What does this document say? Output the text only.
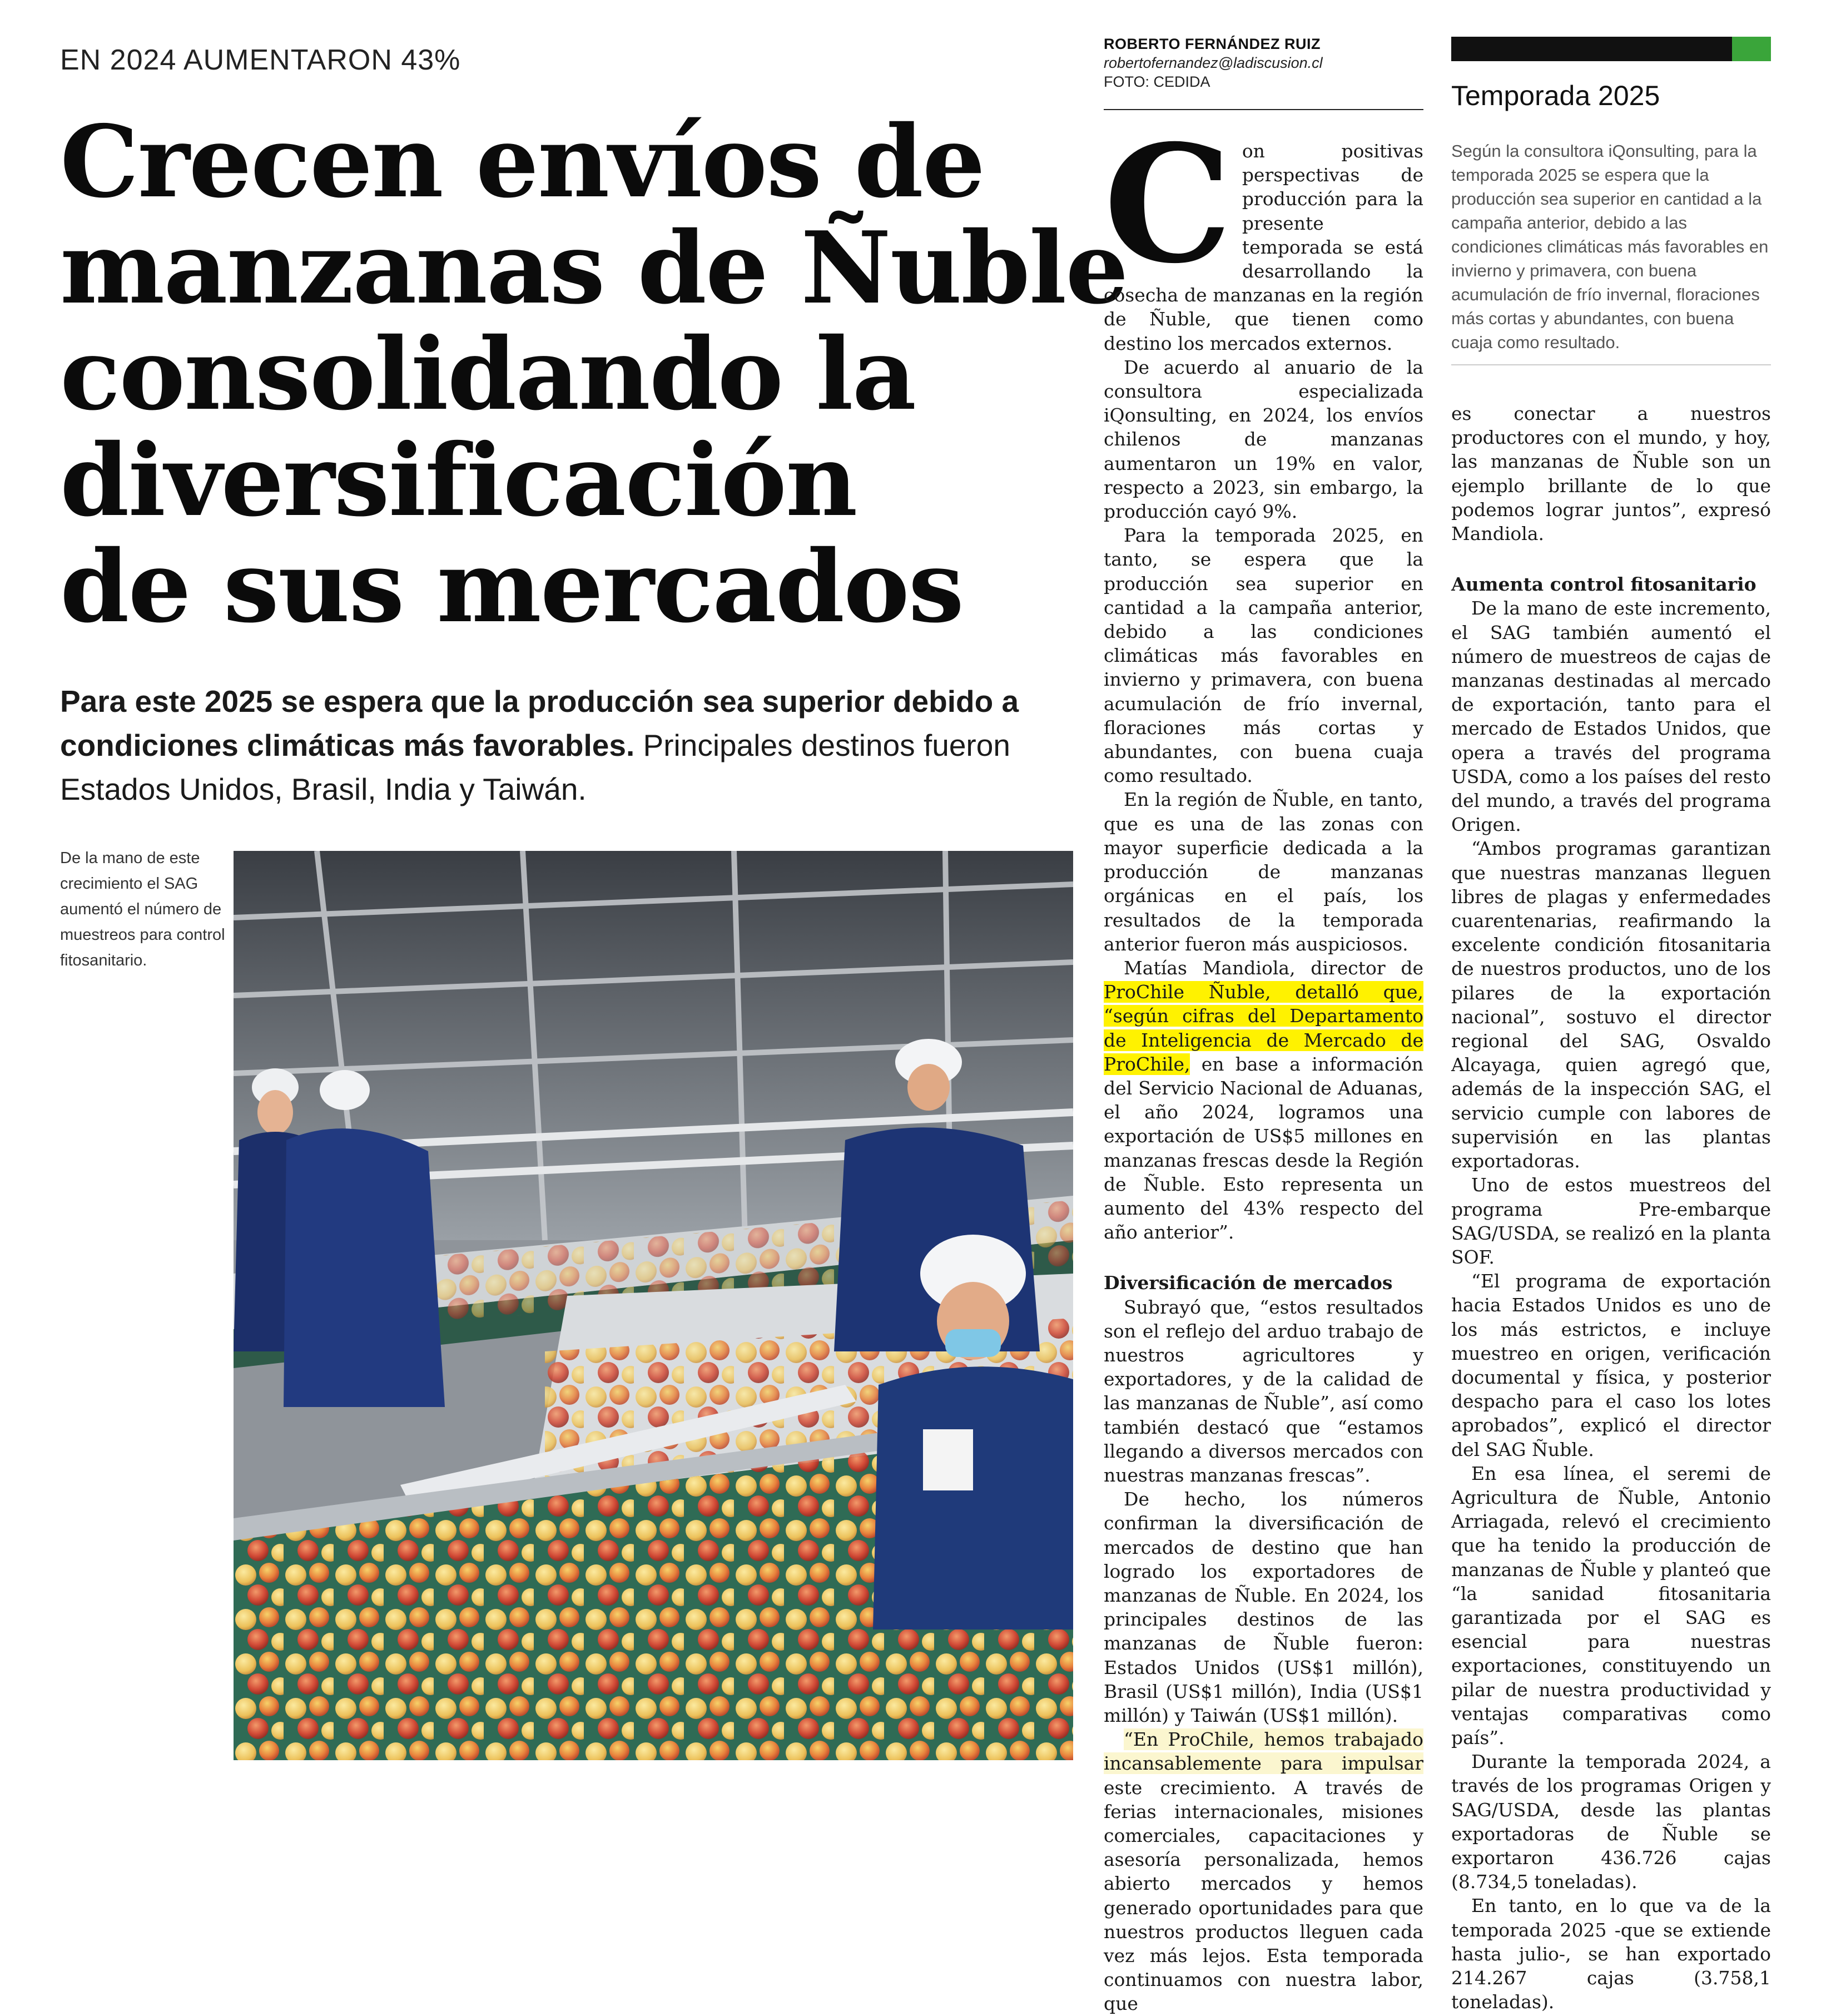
EN 2024 AUMENTARON 43%
Crecen envíos de
manzanas de Ñuble
consolidando la
diversificación
de sus mercados
Para este 2025 se espera que la producción sea superior debido a condiciones climáticas más favorables. Principales destinos fueron Estados Unidos, Brasil, India y Taiwán.
De la mano de este crecimiento el SAG aumentó el número de muestreos para control fitosanitario.
ROBERTO FERNÁNDEZ RUIZ
robertofernandez@ladiscusion.cl
FOTO: CEDIDA

Con positivas perspectivas de producción para la presente temporada se está desarrollando la cosecha de manzanas en la región de Ñuble, que tienen como destino los mercados externos.

De acuerdo al anuario de la consultora especializada iQonsulting, en 2024, los envíos chilenos de manzanas aumentaron un 19% en valor, respecto a 2023, sin embargo, la producción cayó 9%.

Para la temporada 2025, en tanto, se espera que la producción sea superior en cantidad a la campaña anterior, debido a las condiciones climáticas más favorables en invierno y primavera, con buena acumulación de frío invernal, floraciones más cortas y abundantes, con buena cuaja como resultado.

En la región de Ñuble, en tanto, que es una de las zonas con mayor superficie dedicada a la producción de manzanas orgánicas en el país, los resultados de la temporada anterior fueron más auspiciosos.

Matías Mandiola, director de ProChile Ñuble, detalló que, “según cifras del Departamento de Inteligencia de Mercado de ProChile, en base a información del Servicio Nacional de Aduanas, el año 2024, logramos una exportación de US$5 millones en manzanas frescas desde la Región de Ñuble. Esto representa un aumento del 43% respecto del año anterior”.

Diversificación de mercados

Subrayó que, “estos resultados son el reflejo del arduo trabajo de nuestros agricultores y exportadores, y de la calidad de las manzanas de Ñuble”, así como también destacó que “estamos llegando a diversos mercados con nuestras manzanas frescas”.

De hecho, los números confirman la diversificación de mercados de destino que han logrado los exportadores de manzanas de Ñuble. En 2024, los principales destinos de las manzanas de Ñuble fueron: Estados Unidos (US$1 millón), Brasil (US$1 millón), India (US$1 millón) y Taiwán (US$1 millón).

“En ProChile, hemos trabajado incansablemente para impulsar este crecimiento. A través de ferias internacionales, misiones comerciales, capacitaciones y asesoría personalizada, hemos abierto mercados y hemos generado oportunidades para que nuestros productos lleguen cada vez más lejos. Esta temporada continuamos con nuestra labor, que

Temporada 2025
Según la consultora iQonsulting, para la temporada 2025 se espera que la producción sea superior en cantidad a la campaña anterior, debido a las condiciones climáticas más favorables en invierno y primavera, con buena acumulación de frío invernal, floraciones más cortas y abundantes, con buena cuaja como resultado.

es conectar a nuestros productores con el mundo, y hoy, las manzanas de Ñuble son un ejemplo brillante de lo que podemos lograr juntos”, expresó Mandiola.

Aumenta control fitosanitario

De la mano de este incremento, el SAG también aumentó el número de muestreos de cajas de manzanas destinadas al mercado de exportación, tanto para el mercado de Estados Unidos, que opera a través del programa USDA, como a los países del resto del mundo, a través del programa Origen.

“Ambos programas garantizan que nuestras manzanas lleguen libres de plagas y enfermedades cuarentenarias, reafirmando la excelente condición fitosanitaria de nuestros productos, uno de los pilares de la exportación nacional”, sostuvo el director regional del SAG, Osvaldo Alcayaga, quien agregó que, además de la inspección SAG, el servicio cumple con labores de supervisión en las plantas exportadoras.

Uno de estos muestreos del programa Pre-embarque SAG/USDA, se realizó en la planta SOF.

“El programa de exportación hacia Estados Unidos es uno de los más estrictos, e incluye muestreo en origen, verificación documental y física, y posterior despacho para el caso los lotes aprobados”, explicó el director del SAG Ñuble.

En esa línea, el seremi de Agricultura de Ñuble, Antonio Arriagada, relevó el crecimiento que ha tenido la producción de manzanas de Ñuble y planteó que “la sanidad fitosanitaria garantizada por el SAG es esencial para nuestras exportaciones, constituyendo un pilar de nuestra productividad y ventajas comparativas como país”.

Durante la temporada 2024, a través de los programas Origen y SAG/USDA, desde las plantas exportadoras de Ñuble se exportaron 436.726 cajas (8.734,5 toneladas).

En tanto, en lo que va de la temporada 2025 -que se extiende hasta julio-, se han exportado 214.267 cajas (3.758,1 toneladas).
